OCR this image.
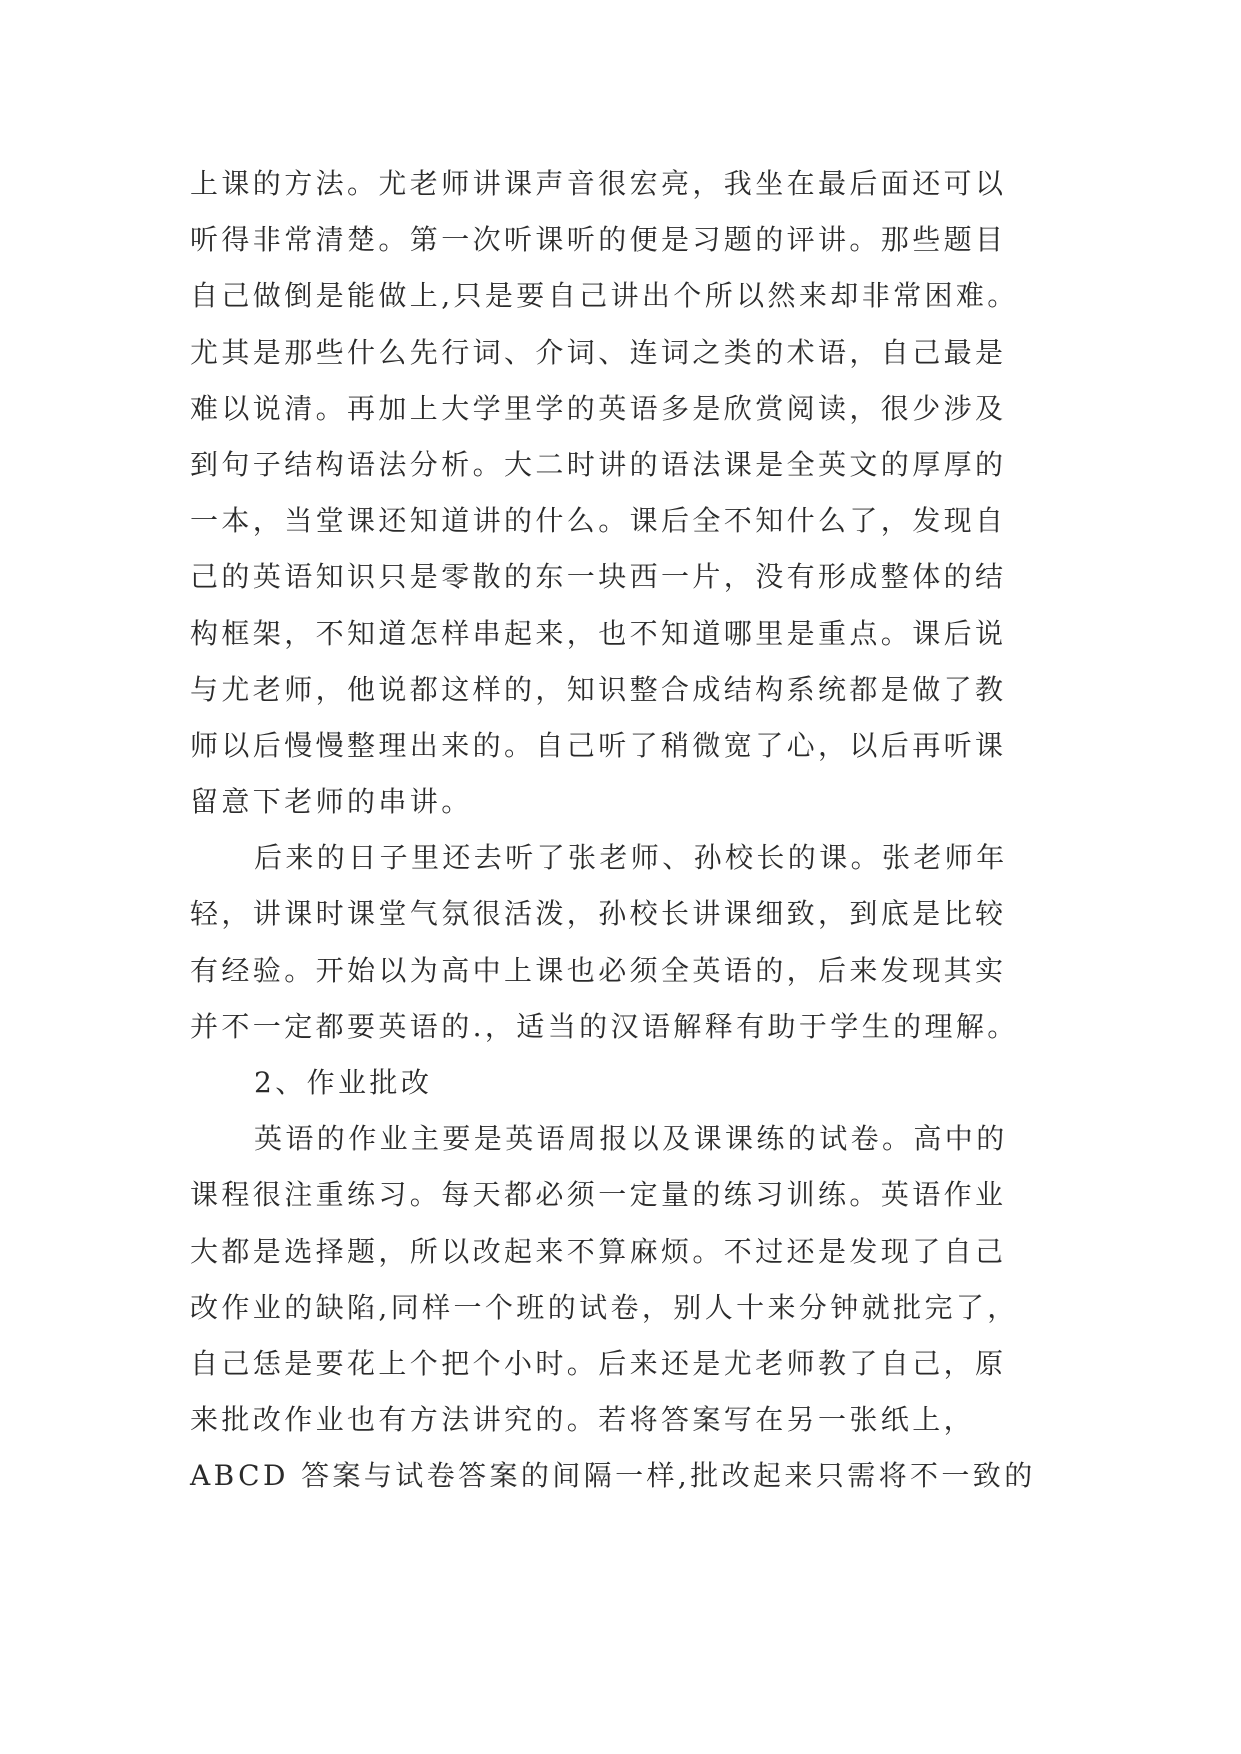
上课的方法。尤老师讲课声音很宏亮，我坐在最后面还可以
听得非常清楚。第一次听课听的便是习题的评讲。那些题目
自己做倒是能做上,只是要自己讲出个所以然来却非常困难。
尤其是那些什么先行词、介词、连词之类的术语，自己最是
难以说清。再加上大学里学的英语多是欣赏阅读，很少涉及
到句子结构语法分析。大二时讲的语法课是全英文的厚厚的
一本，当堂课还知道讲的什么。课后全不知什么了，发现自
己的英语知识只是零散的东一块西一片，没有形成整体的结
构框架，不知道怎样串起来，也不知道哪里是重点。课后说
与尤老师，他说都这样的，知识整合成结构系统都是做了教
师以后慢慢整理出来的。自己听了稍微宽了心，以后再听课
留意下老师的串讲。
后来的日子里还去听了张老师、孙校长的课。张老师年
轻，讲课时课堂气氛很活泼，孙校长讲课细致，到底是比较
有经验。开始以为高中上课也必须全英语的，后来发现其实
并不一定都要英语的.，适当的汉语解释有助于学生的理解。
2、作业批改
英语的作业主要是英语周报以及课课练的试卷。高中的
课程很注重练习。每天都必须一定量的练习训练。英语作业
大都是选择题，所以改起来不算麻烦。不过还是发现了自己
改作业的缺陷,同样一个班的试卷，别人十来分钟就批完了，
自己恁是要花上个把个小时。后来还是尤老师教了自己，原
来批改作业也有方法讲究的。若将答案写在另一张纸上，
ABCD 答案与试卷答案的间隔一样,批改起来只需将不一致的
